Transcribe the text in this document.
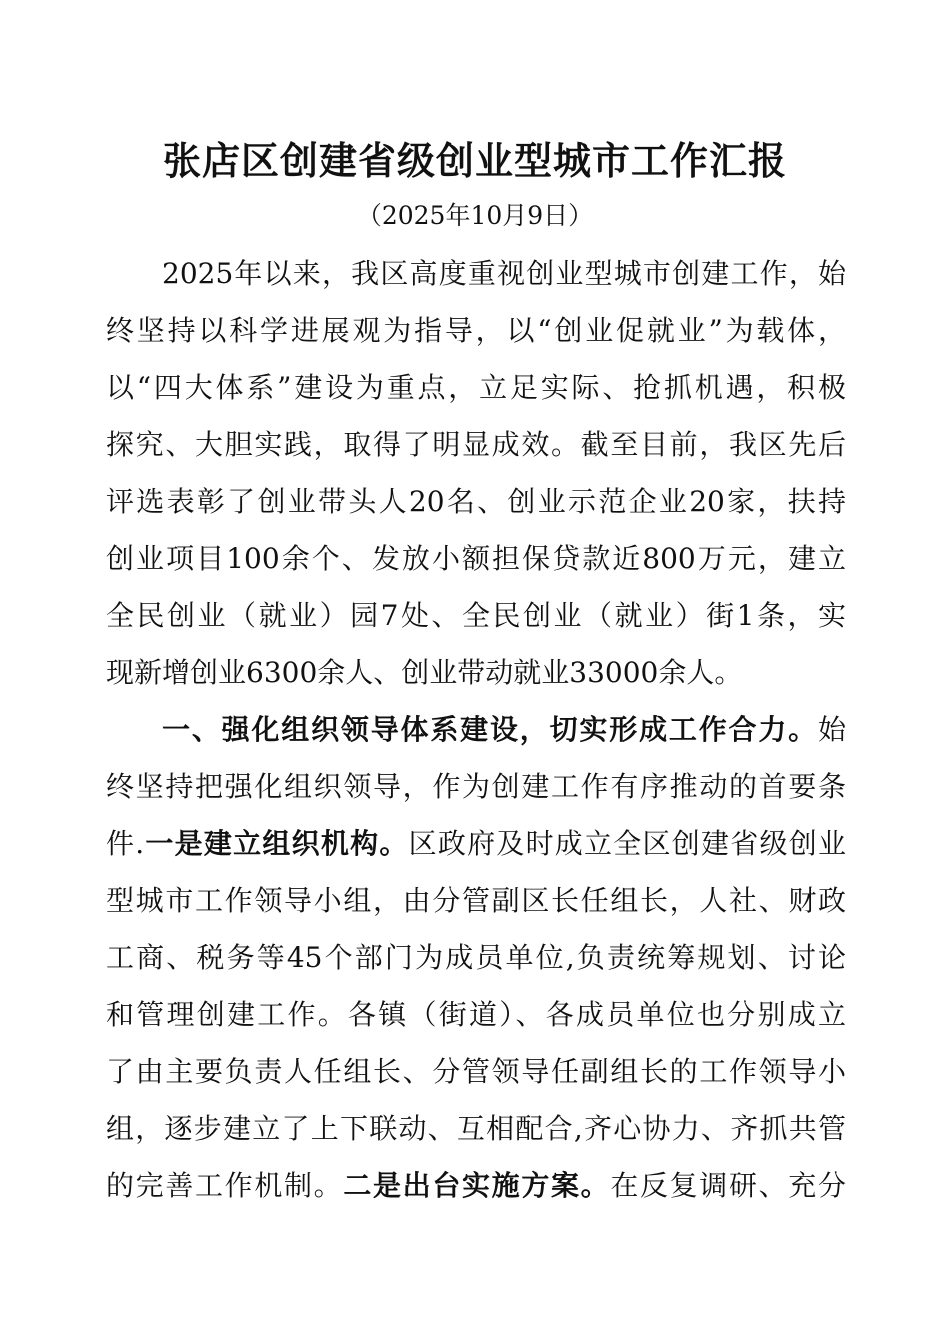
张店区创建省级创业型城市工作汇报
（2025年10月9日）

2025年以来，我区高度重视创业型城市创建工作，始

终坚持以科学进展观为指导，以“创业促就业”为载体，

以“四大体系”建设为重点，立足实际、抢抓机遇，积极

探究、大胆实践，取得了明显成效。截至目前，我区先后

评选表彰了创业带头人20名、创业示范企业20家，扶持

创业项目100余个、发放小额担保贷款近800万元，建立

全民创业（就业）园7处、全民创业（就业）街1条，实

现新增创业6300余人、创业带动就业33000余人。

一、强化组织领导体系建设，切实形成工作合力。始

终坚持把强化组织领导，作为创建工作有序推动的首要条

件.一是建立组织机构。区政府及时成立全区创建省级创业

型城市工作领导小组，由分管副区长任组长，人社、财政

工商、税务等45个部门为成员单位,负责统筹规划、讨论

和管理创建工作。各镇（街道）、各成员单位也分别成立

了由主要负责人任组长、分管领导任副组长的工作领导小

组，逐步建立了上下联动、互相配合,齐心协力、齐抓共管

的完善工作机制。二是出台实施方案。在反复调研、充分
